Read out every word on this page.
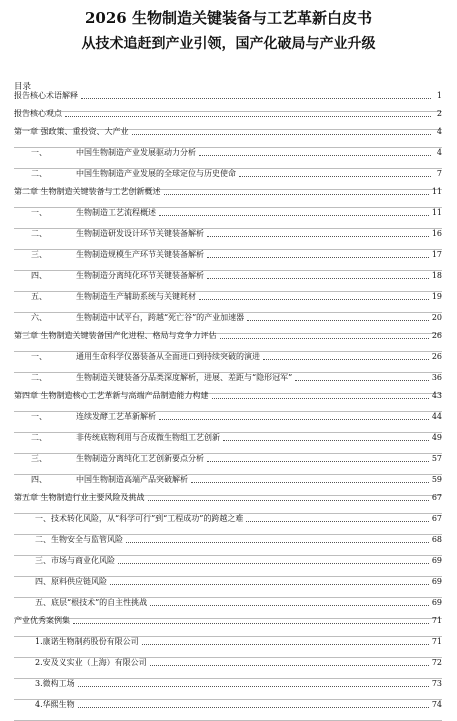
2026 生物制造关键装备与工艺革新白皮书
从技术追赶到产业引领，国产化破局与产业升级
目录
报告核心术语解释	1
报告核心观点	2
第一章 强政策、重投资、大产业	4
一、	中国生物制造产业发展驱动力分析	4
二、	中国生物制造产业发展的全球定位与历史使命	7
第二章 生物制造关键装备与工艺创新概述	11
一、	生物制造工艺流程概述	11
二、	生物制造研发设计环节关键装备解析	16
三、	生物制造规模生产环节关键装备解析	17
四、	生物制造分离纯化环节关键装备解析	18
五、	生物制造生产辅助系统与关键耗材	19
六、	生物制造中试平台，跨越“死亡谷”的产业加速器	20
第三章 生物制造关键装备国产化进程、格局与竞争力评估	26
一、	通用生命科学仪器装备从全面进口到持续突破的演进	26
二、	生物制造关键装备分品类深度解析，进展、差距与“隐形冠军”	36
第四章 生物制造核心工艺革新与高端产品制造能力构建	43
一、	连续发酵工艺革新解析	44
二、	非传统底物利用与合成微生物组工艺创新	49
三、	生物制造分离纯化工艺创新要点分析	57
四、	中国生物制造高端产品突破解析	59
第五章 生物制造行业主要风险及挑战	67
一、技术转化风险，从“科学可行”到“工程成功”的跨越之难	67
二、生物安全与监管风险	68
三、市场与商业化风险	69
四、原料供应链风险	69
五、底层“根技术”的自主性挑战	69
产业优秀案例集	71
1.康诺生物制药股份有限公司	71
2.安及义实业（上海）有限公司	72
3.微构工场	73
4.华熙生物	74
